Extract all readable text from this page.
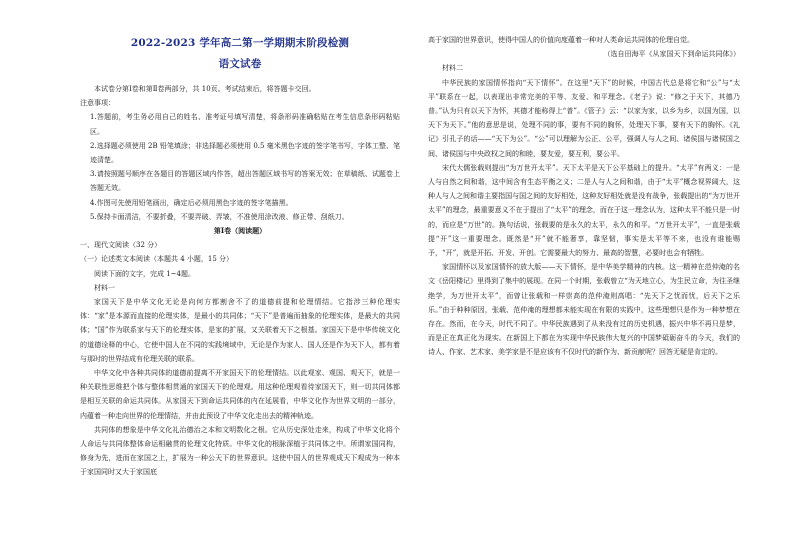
2022-2023 学年高二第一学期期末阶段检测

语文试卷

本试卷分第Ⅰ卷和第Ⅱ卷两部分，共 10页。考试结束后，将答题卡交回。

注意事项：

1.答题前，考生务必用自己的姓名、准考证号填写清楚，将条形码准确粘贴在考生信息条形码粘贴区。

2.选择题必须使用 2B 铅笔填涂；非选择题必须使用 0.5 毫米黑色字迹的签字笔书写，字体工整、笔迹清楚。

3.请按照题号顺序在各题目的答题区域内作答，超出答题区域书写的答案无效；在草稿纸、试题卷上答题无效。

4.作图可先使用铅笔画出，确定后必须用黑色字迹的签字笔描黑。

5.保持卡面清洁，不要折叠，不要弄破、弄皱，不准使用涂改液、修正带、刮纸刀。

第Ⅰ卷（阅读题）

一、现代文阅读（32 分）

（一）论述类文本阅读（本题共 4 小题，15 分）

阅读下面的文字，完成 1~4题。

材料一

家国天下是中华文化无论是向何方都割舍不了的道德前提和伦理情结。它指涉三种伦理实体：“家”是本源而直接的伦理实体，是最小的共同体；“天下”是普遍而抽象的伦理实体，是最大的共同体；“国”作为联系家与天下的伦理实体，是家的扩展，又关联着天下之根基。家国天下是中华传统文化的道德诠释的中心，它使中国人在不同的实践境域中，无论是作为家人、国人还是作为天下人，都有着与那时的世界结成有伦理关联的联系。

中华文化中各种共同体的道德前提离不开家国天下的伦理情结。以此观家、观国、观天下，就是一种关联性思维把个体与整体相贯通的家国天下的伦理观。用这种伦理观看待家国天下，则一切共同体都是相互关联的命运共同体。从家国天下到命运共同体的内在延展看，中华文化作为世界文明的一部分，内蕴着一种走向世界的伦理情结，并由此预设了中华文化走出去的精神轨迹。

共同体的想象是中华文化礼治德治之本和文明数化之根。它从历史深处走来，构成了中华文化将个人命运与共同体整体命运相融贯的伦理文化特质。中华文化的根脉深植于共同体之中。所谓家国同构，修身为先，进而在家国之上，扩展为一种公天下的世界意识。这使中国人的世界观成天下观成为一种本于家国同时又大于家国底

高于家国的世界意识，使得中国人的价值向度蕴着一种对人类命运共同体的伦理自觉。

（选自田海平《从家国天下到命运共同体》）

材料二

中华民族的家国情怀指向“天下情怀”。在这里“天下”的时候，中国古代总是将它和“公”与“太平”联系在一起，以表现出非常完美的平等、友爱、和平理念。《老子》说：“修之于天下，其德乃普。”认为只有以天下为怀，其德才能称得上“普”。《管子》云：“以家为家，以乡为乡，以国为国，以天下为天下。”他的意思是说，处理不同的事，要有不同的胸怀，处理天下事，要有天下的胸怀。《礼记》引孔子的话——“天下为公”。“公”可以理解为公正、公平，强调人与人之间、诸侯国与诸侯国之间、诸侯国与中央政权之间的和睦，要友爱，要互利，要公平。

宋代大儒张载则提出“为万世开太平”。天下太平是天下公平基础上的提升。“太平”有两义：一是人与自然之间和谐，这中间含有生态平衡之义；二是人与人之间和谐，由于“太平”概念视界阔大，这种人与人之间和谐主要指国与国之间的友好相处，这种友好相处就是没有战争，张载提出的“为万世开太平”的理念，最重要意义不在于提出了“太平”的理念，而在于这一理念认为，这种太平不能只是一时的，而应是“万世”的。换句话说，张载要的是永久的太平，永久的和平。“万世开太平”，一直是张载提“开”这一重要理念。既然是“开”就不能奢享，靠坚韧，事实是太平等不来，也没有谁能赐予，“开”，就是开拓、开发、开创。它需要最大的努力、最高的智慧，必要时也会有牺牲。

家国情怀以及家国情怀的放大版——天下情怀，是中华美学精神的内核。这一精神在范仲淹的名文《岳阳楼记》里得到了集中的展现。在同一个时期，张载曾立“为天地立心，为生民立命，为往圣继绝学，为万世开太平”，而曾让张载和一样崇高的范仲淹则高唱：“先天下之忧而忧，后天下之乐乐。”由于种种原因，张载、范仲淹的理想都未能实现在有限的实践中，这些理想只是作为一种梦想在存在。然而，在今天，时代不同了。中华民族遇到了从来没有过的历史机遇，振兴中华不再只是梦，而是正在真正化为现实。在新国上下都在为实现中华民族伟大复兴的中国梦砥砺奋斗的今天，我们的诗人、作家、艺术家、美学家是不是应该有不仅时代的新作为、新贡献呢？回答无疑是肯定的。
